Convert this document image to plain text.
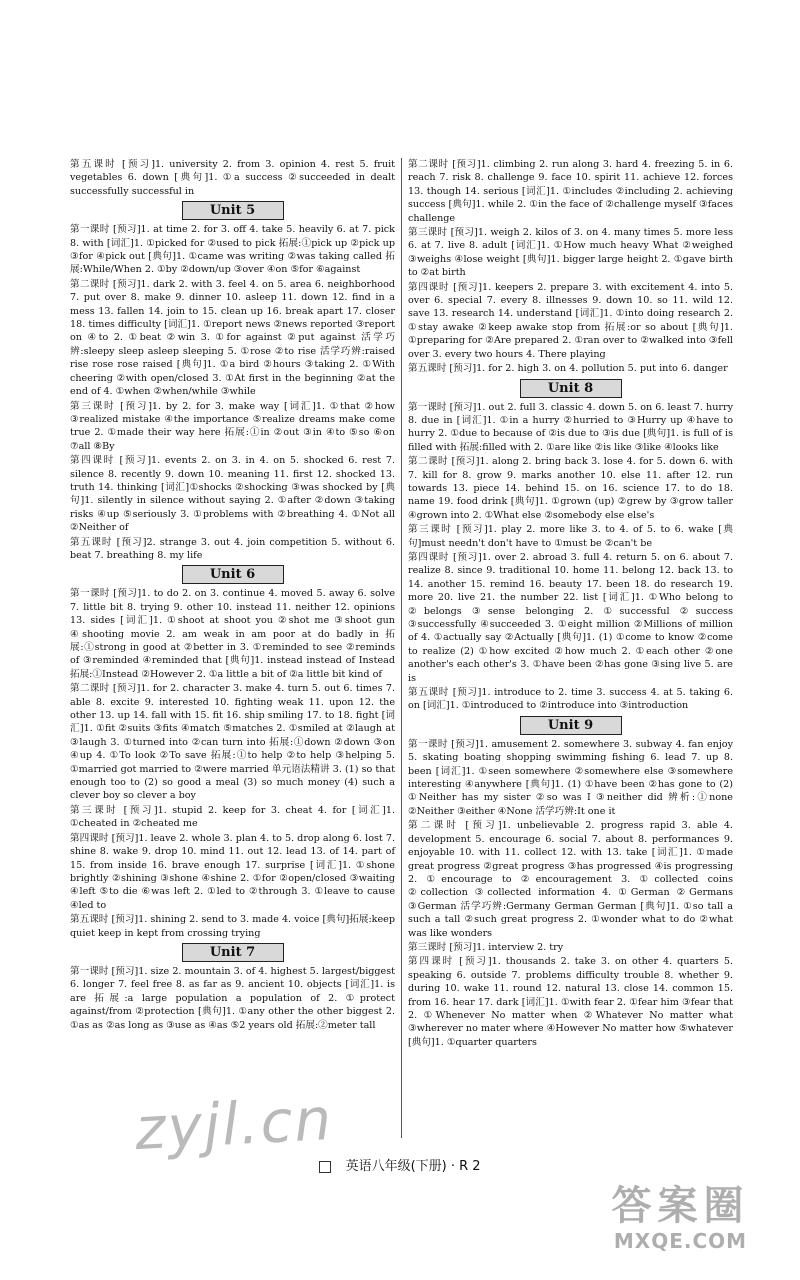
第五课时 [预习]1. university 2. from 3. opinion 4. rest 5. fruit vegetables 6. down [典句]1. ①a success ②succeeded in dealt successfully successful in
Unit 5
第一课时 [预习]1. at time 2. for 3. off 4. take 5. heavily 6. at 7. pick 8. with [词汇]1. ①picked for ②used to pick 拓展:①pick up ②pick up ③for ④pick out [典句]1. ①came was writing ②was taking called 拓展:While/When 2. ①by ②down/up ③over ④on ⑤for ⑥against
第二课时 [预习]1. dark 2. with 3. feel 4. on 5. area 6. neighborhood 7. put over 8. make 9. dinner 10. asleep 11. down 12. find in a mess 13. fallen 14. join to 15. clean up 16. break apart 17. closer 18. times difficulty [词汇]1. ①report news ②news reported ③report on ④to 2. ①beat ②win 3. ①for against ②put against 活学巧辨:sleepy sleep asleep sleeping 5. ①rose ②to rise 活学巧辨:raised rise rose rose raised [典句]1. ①a bird ②hours ③taking 2. ①With cheering ②with open/closed 3. ①At first in the beginning ②at the end of 4. ①when ②when/while ③while
第三课时 [预习]1. by 2. for 3. make way [词汇]1. ①that ②how ③realized mistake ④the importance ⑤realize dreams make come true 2. ①made their way here 拓展:①in ②out ③in ④to ⑤so ⑥on ⑦all ⑧By
第四课时 [预习]1. events 2. on 3. in 4. on 5. shocked 6. rest 7. silence 8. recently 9. down 10. meaning 11. first 12. shocked 13. truth 14. thinking [词汇]①shocks ②shocking ③was shocked by [典句]1. silently in silence without saying 2. ①after ②down ③taking risks ④up ⑤seriously 3. ①problems with ②breathing 4. ①Not all ②Neither of
第五课时 [预习]2. strange 3. out 4. join competition 5. without 6. beat 7. breathing 8. my life
Unit 6
第一课时 [预习]1. to do 2. on 3. continue 4. moved 5. away 6. solve 7. little bit 8. trying 9. other 10. instead 11. neither 12. opinions 13. sides [词汇]1. ①shoot at shoot you ②shot me ③shoot gun ④shooting movie 2. am weak in am poor at do badly in 拓展:①strong in good at ②better in 3. ①reminded to see ②reminds of ③reminded ④reminded that [典句]1. instead instead of Instead 拓展:①Instead ②However 2. ①a little a bit of ②a little bit kind of
第二课时 [预习]1. for 2. character 3. make 4. turn 5. out 6. times 7. able 8. excite 9. interested 10. fighting weak 11. upon 12. the other 13. up 14. fall with 15. fit 16. ship smiling 17. to 18. fight [词汇]1. ①fit ②suits ③fits ④match ⑤matches 2. ①smiled at ②laugh at ③laugh 3. ①turned into ②can turn into 拓展:①down ②down ③on ④up 4. ①To look ②To save 拓展:①to help ②to help ③helping 5. ①married got married to ②were married 单元语法精讲 3. (1) so that enough too to (2) so good a meal (3) so much money (4) such a clever boy so clever a boy
第三课时 [预习]1. stupid 2. keep for 3. cheat 4. for [词汇]1. ①cheated in ②cheated me
第四课时 [预习]1. leave 2. whole 3. plan 4. to 5. drop along 6. lost 7. shine 8. wake 9. drop 10. mind 11. out 12. lead 13. of 14. part of 15. from inside 16. brave enough 17. surprise [词汇]1. ①shone brightly ②shining ③shone ④shine 2. ①for ②open/closed ③waiting ④left ⑤to die ⑥was left 2. ①led to ②through 3. ①leave to cause ④led to
第五课时 [预习]1. shining 2. send to 3. made 4. voice [典句]拓展:keep quiet keep in kept from crossing trying
Unit 7
第一课时 [预习]1. size 2. mountain 3. of 4. highest 5. largest/biggest 6. longer 7. feel free 8. as far as 9. ancient 10. objects [词汇]1. is are 拓展:a large population a population of 2. ①protect against/from ②protection [典句]1. ①any other the other biggest 2. ①as as ②as long as ③use as ④as ⑤2 years old 拓展:②meter tall
第二课时 [预习]1. climbing 2. run along 3. hard 4. freezing 5. in 6. reach 7. risk 8. challenge 9. face 10. spirit 11. achieve 12. forces 13. though 14. serious [词汇]1. ①includes ②including 2. achieving success [典句]1. while 2. ①in the face of ②challenge myself ③faces challenge
第三课时 [预习]1. weigh 2. kilos of 3. on 4. many times 5. more less 6. at 7. live 8. adult [词汇]1. ①How much heavy What ②weighed ③weighs ④lose weight [典句]1. bigger large height 2. ①gave birth to ②at birth
第四课时 [预习]1. keepers 2. prepare 3. with excitement 4. into 5. over 6. special 7. every 8. illnesses 9. down 10. so 11. wild 12. save 13. research 14. understand [词汇]1. ①into doing research 2. ①stay awake ②keep awake stop from 拓展:or so about [典句]1. ①preparing for ②Are prepared 2. ①ran over to ②walked into ③fell over 3. every two hours 4. There playing
第五课时 [预习]1. for 2. high 3. on 4. pollution 5. put into 6. danger
Unit 8
第一课时 [预习]1. out 2. full 3. classic 4. down 5. on 6. least 7. hurry 8. due in [词汇]1. ①in a hurry ②hurried to ③Hurry up ④have to hurry 2. ①due to because of ②is due to ③is due [典句]1. is full of is filled with 拓展:filled with 2. ①are like ②is like ③like ④looks like
第二课时 [预习]1. along 2. bring back 3. lose 4. for 5. down 6. with 7. kill for 8. grow 9. marks another 10. else 11. after 12. run towards 13. piece 14. behind 15. on 16. science 17. to do 18. name 19. food drink [典句]1. ①grown (up) ②grew by ③grow taller ④grown into 2. ①What else ②somebody else else's
第三课时 [预习]1. play 2. more like 3. to 4. of 5. to 6. wake [典句]must needn't don't have to ①must be ②can't be
第四课时 [预习]1. over 2. abroad 3. full 4. return 5. on 6. about 7. realize 8. since 9. traditional 10. home 11. belong 12. back 13. to 14. another 15. remind 16. beauty 17. been 18. do research 19. more 20. live 21. the number 22. list [词汇]1. ①Who belong to ②belongs ③sense belonging 2. ①successful ②success ③successfully ④succeeded 3. ①eight million ②Millions of million of 4. ①actually say ②Actually [典句]1. (1) ①come to know ②come to realize (2) ①how excited ②how much 2. ①each other ②one another's each other's 3. ①have been ②has gone ③sing live 5. are is
第五课时 [预习]1. introduce to 2. time 3. success 4. at 5. taking 6. on [词汇]1. ①introduced to ②introduce into ③introduction
Unit 9
第一课时 [预习]1. amusement 2. somewhere 3. subway 4. fan enjoy 5. skating boating shopping swimming fishing 6. lead 7. up 8. been [词汇]1. ①seen somewhere ②somewhere else ③somewhere interesting ④anywhere [典句]1. (1) ①have been ②has gone to (2) ①Neither has my sister ②so was I ③neither did 辨析:①none ②Neither ③either ④None 活学巧辨:It one it
第二课时 [预习]1. unbelievable 2. progress rapid 3. able 4. development 5. encourage 6. social 7. about 8. performances 9. enjoyable 10. with 11. collect 12. with 13. take [词汇]1. ①made great progress ②great progress ③has progressed ④is progressing 2. ①encourage to ②encouragement 3. ①collected coins ②collection ③collected information 4. ①German ②Germans ③German 活学巧辨:Germany German German [典句]1. ①so tall a such a tall ②such great progress 2. ①wonder what to do ②what was like wonders
第三课时 [预习]1. interview 2. try
第四课时 [预习]1. thousands 2. take 3. on other 4. quarters 5. speaking 6. outside 7. problems difficulty trouble 8. whether 9. during 10. wake 11. round 12. natural 13. close 14. common 15. from 16. hear 17. dark [词汇]1. ①with fear 2. ①fear him ③fear that 2. ①Whenever No matter when ②Whatever No matter what ③wherever no mater where ④However No matter how ⑤whatever [典句]1. ①quarter quarters
英语八年级(下册) · R 2
zyjl.cn
答案圈
MXQE.COM
